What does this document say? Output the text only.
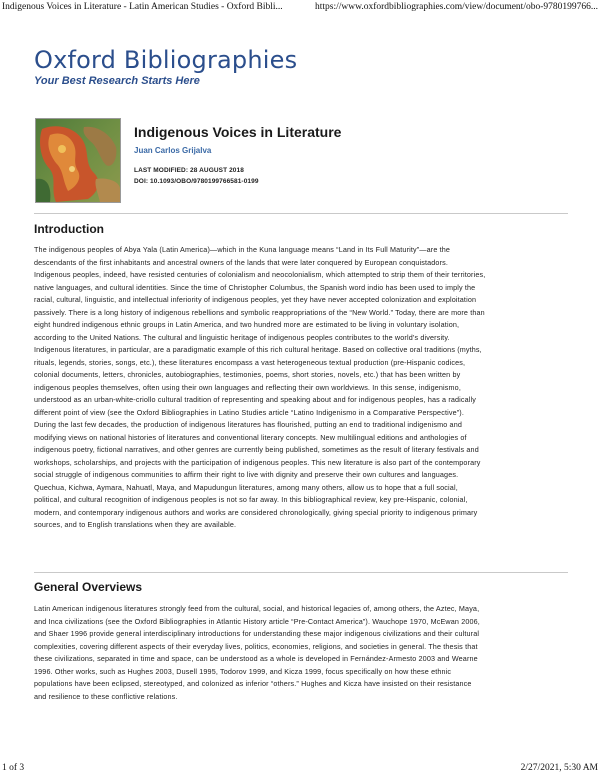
Indigenous Voices in Literature - Latin American Studies - Oxford Bibli...	https://www.oxfordbibliographies.com/view/document/obo-9780199766...
Oxford Bibliographies
Your Best Research Starts Here
Indigenous Voices in Literature
Juan Carlos Grijalva
LAST MODIFIED: 28 AUGUST 2018
DOI: 10.1093/OBO/9780199766581-0199
Introduction
The indigenous peoples of Abya Yala (Latin America)—which in the Kuna language means “Land in Its Full Maturity”—are the
descendants of the first inhabitants and ancestral owners of the lands that were later conquered by European conquistadors.
Indigenous peoples, indeed, have resisted centuries of colonialism and neocolonialism, which attempted to strip them of their territories,
native languages, and cultural identities. Since the time of Christopher Columbus, the Spanish word indio has been used to imply the
racial, cultural, linguistic, and intellectual inferiority of indigenous peoples, yet they have never accepted colonization and exploitation
passively. There is a long history of indigenous rebellions and symbolic reappropriations of the “New World.” Today, there are more than
eight hundred indigenous ethnic groups in Latin America, and two hundred more are estimated to be living in voluntary isolation,
according to the United Nations. The cultural and linguistic heritage of indigenous peoples contributes to the world’s diversity.
Indigenous literatures, in particular, are a paradigmatic example of this rich cultural heritage. Based on collective oral traditions (myths,
rituals, legends, stories, songs, etc.), these literatures encompass a vast heterogeneous textual production (pre-Hispanic codices,
colonial documents, letters, chronicles, autobiographies, testimonies, poems, short stories, novels, etc.) that has been written by
indigenous peoples themselves, often using their own languages and reflecting their own worldviews. In this sense, indigenismo,
understood as an urban-white-criollo cultural tradition of representing and speaking about and for indigenous peoples, has a radically
different point of view (see the Oxford Bibliographies in Latino Studies article “Latino Indigenismo in a Comparative Perspective”).
During the last few decades, the production of indigenous literatures has flourished, putting an end to traditional indigenismo and
modifying views on national histories of literatures and conventional literary concepts. New multilingual editions and anthologies of
indigenous poetry, fictional narratives, and other genres are currently being published, sometimes as the result of literary festivals and
workshops, scholarships, and projects with the participation of indigenous peoples. This new literature is also part of the contemporary
social struggle of indigenous communities to affirm their right to live with dignity and preserve their own cultures and languages.
Quechua, Kichwa, Aymara, Nahuatl, Maya, and Mapudungun literatures, among many others, allow us to hope that a full social,
political, and cultural recognition of indigenous peoples is not so far away. In this bibliographical review, key pre-Hispanic, colonial,
modern, and contemporary indigenous authors and works are considered chronologically, giving special priority to indigenous primary
sources, and to English translations when they are available.
General Overviews
Latin American indigenous literatures strongly feed from the cultural, social, and historical legacies of, among others, the Aztec, Maya,
and Inca civilizations (see the Oxford Bibliographies in Atlantic History article “Pre-Contact America”). Wauchope 1970, McEwan 2006,
and Shaer 1996 provide general interdisciplinary introductions for understanding these major indigenous civilizations and their cultural
complexities, covering different aspects of their everyday lives, politics, economies, religions, and societies in general. The thesis that
these civilizations, separated in time and space, can be understood as a whole is developed in Fernández-Armesto 2003 and Wearne
1996. Other works, such as Hughes 2003, Dusell 1995, Todorov 1999, and Kicza 1999, focus specifically on how these ethnic
populations have been eclipsed, stereotyped, and colonized as inferior “others.” Hughes and Kicza have insisted on their resistance
and resilience to these conflictive relations.
1 of 3	2/27/2021, 5:30 AM
